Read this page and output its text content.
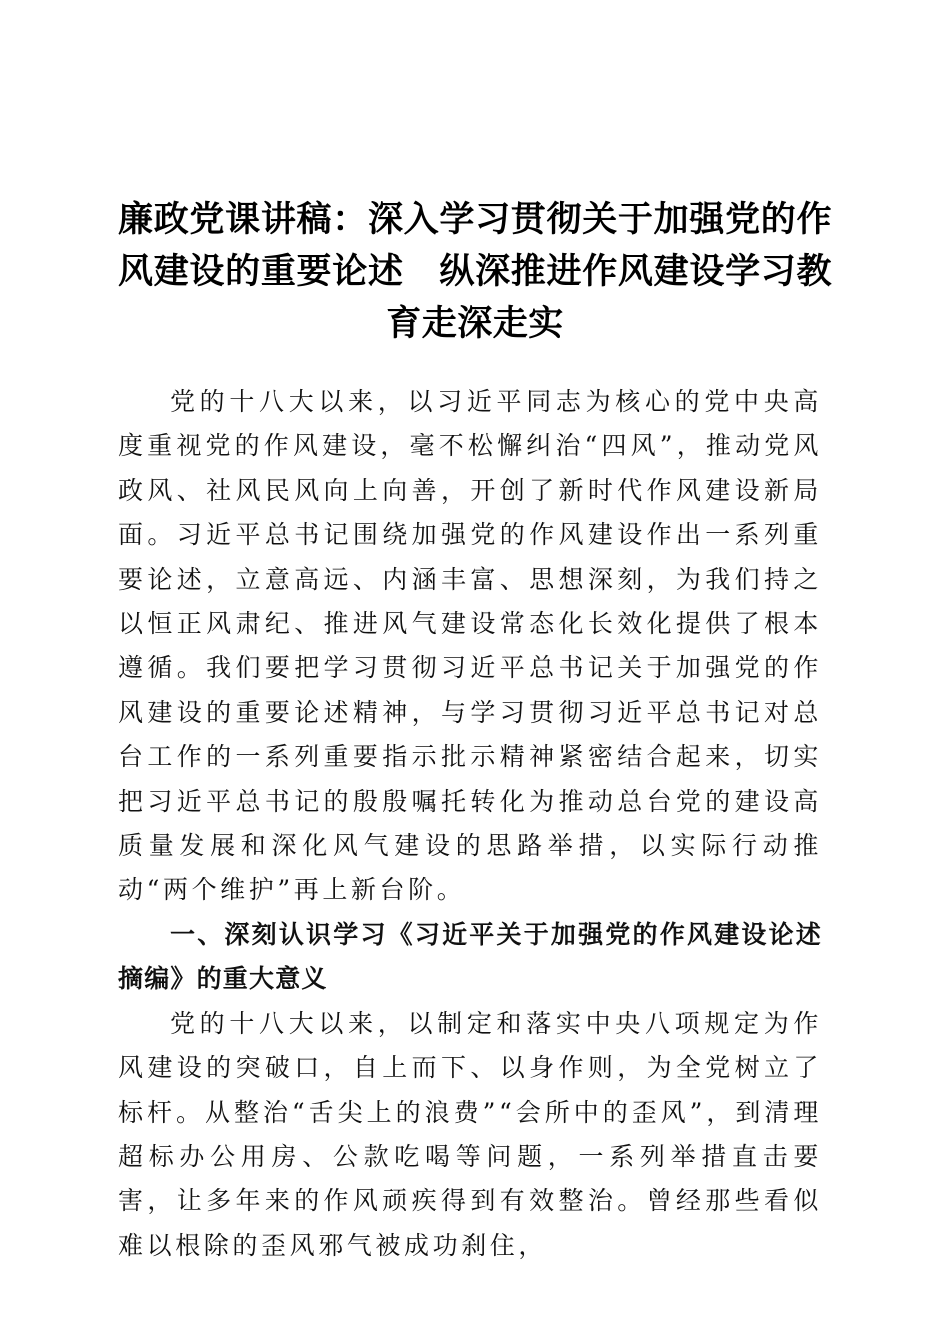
廉政党课讲稿：深入学习贯彻关于加强党的作
风建设的重要论述　纵深推进作风建设学习教
育走深走实

党的十八大以来，以习近平同志为核心的党中央高度重视党的作风建设，毫不松懈纠治“四风”，推动党风政风、社风民风向上向善，开创了新时代作风建设新局面。习近平总书记围绕加强党的作风建设作出一系列重要论述，立意高远、内涵丰富、思想深刻，为我们持之以恒正风肃纪、推进风气建设常态化长效化提供了根本遵循。我们要把学习贯彻习近平总书记关于加强党的作风建设的重要论述精神，与学习贯彻习近平总书记对总台工作的一系列重要指示批示精神紧密结合起来，切实把习近平总书记的殷殷嘱托转化为推动总台党的建设高质量发展和深化风气建设的思路举措，以实际行动推动“两个维护”再上新台阶。

一、深刻认识学习《习近平关于加强党的作风建设论述摘编》的重大意义

党的十八大以来，以制定和落实中央八项规定为作风建设的突破口，自上而下、以身作则，为全党树立了标杆。从整治“舌尖上的浪费”“会所中的歪风”，到清理超标办公用房、公款吃喝等问题，一系列举措直击要害，让多年来的作风顽疾得到有效整治。曾经那些看似难以根除的歪风邪气被成功刹住，
